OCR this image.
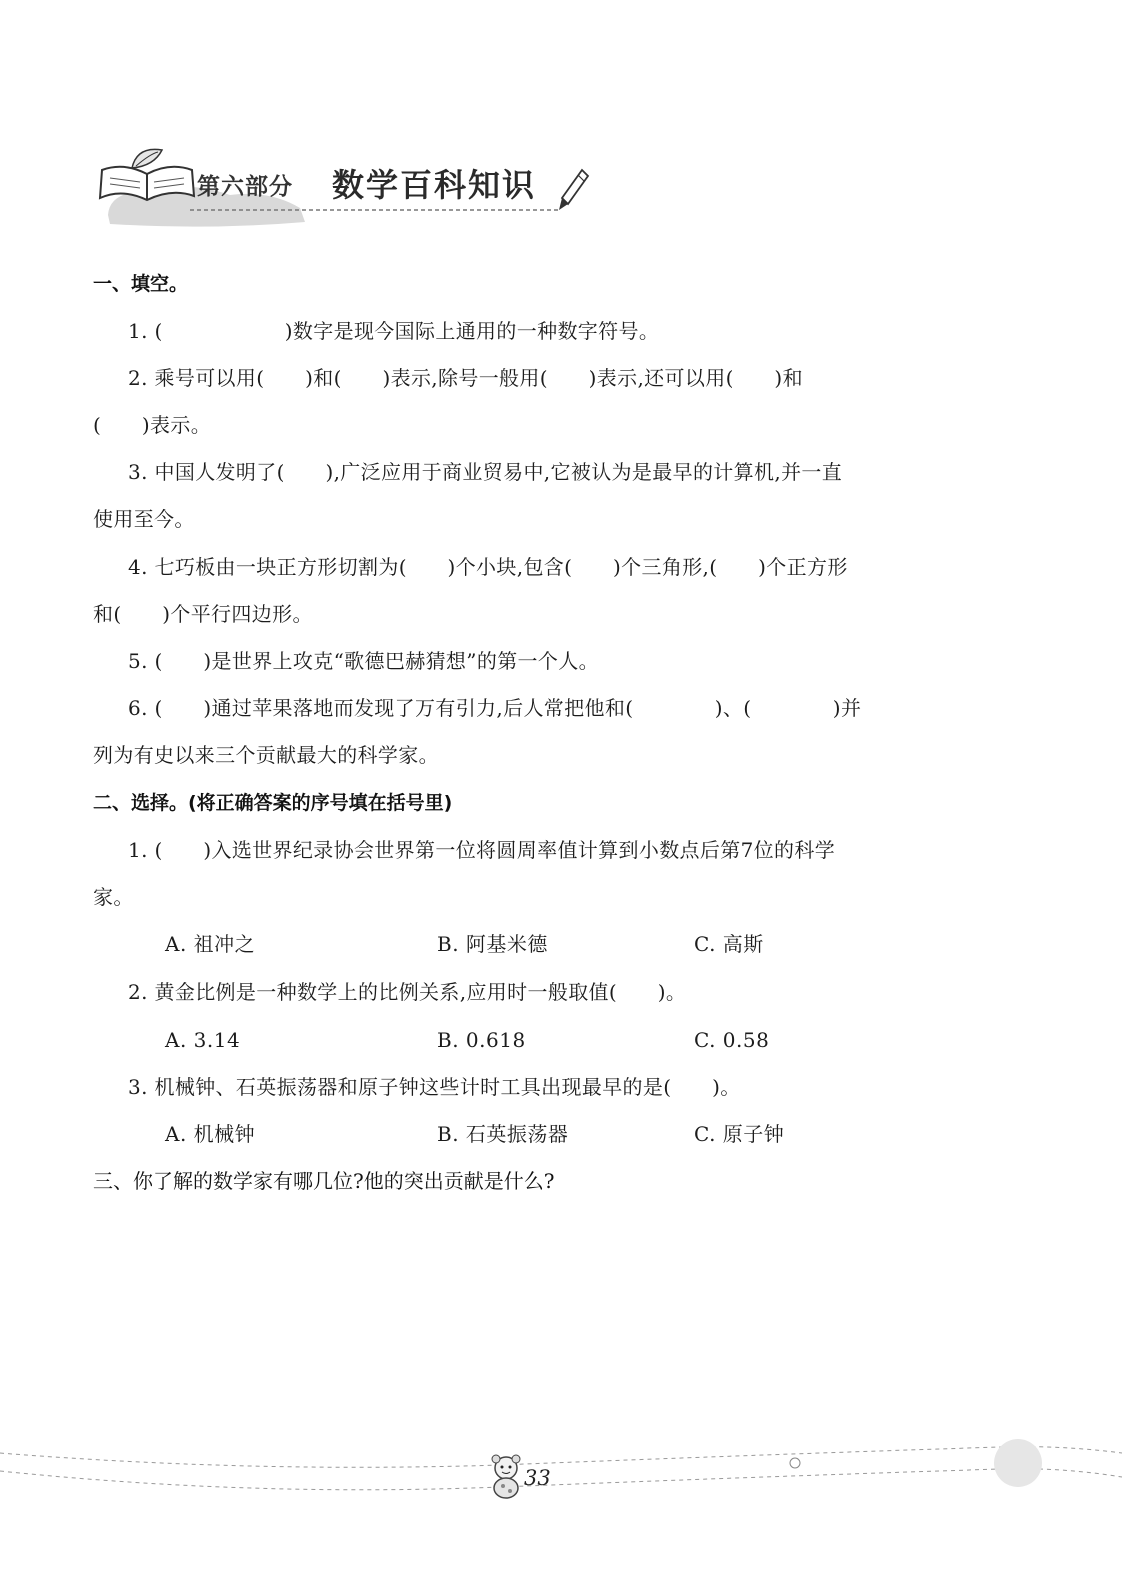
第六部分 数学百科知识
一、填空。
1. (　　　　　　)数字是现今国际上通用的一种数字符号。
2. 乘号可以用(　　)和(　　)表示,除号一般用(　　)表示,还可以用(　　)和
(　　)表示。
3. 中国人发明了(　　),广泛应用于商业贸易中,它被认为是最早的计算机,并一直
使用至今。
4. 七巧板由一块正方形切割为(　　)个小块,包含(　　)个三角形,(　　)个正方形
和(　　)个平行四边形。
5. (　　)是世界上攻克“歌德巴赫猜想”的第一个人。
6. (　　)通过苹果落地而发现了万有引力,后人常把他和(　　　　)、(　　　　)并
列为有史以来三个贡献最大的科学家。
二、选择。(将正确答案的序号填在括号里)
1. (　　)入选世界纪录协会世界第一位将圆周率值计算到小数点后第7位的科学
家。
A. 祖冲之	B. 阿基米德	C. 高斯
2. 黄金比例是一种数学上的比例关系,应用时一般取值(　　)。
A. 3.14	B. 0.618	C. 0.58
3. 机械钟、石英振荡器和原子钟这些计时工具出现最早的是(　　)。
A. 机械钟	B. 石英振荡器	C. 原子钟
三、你了解的数学家有哪几位?他的突出贡献是什么?
33
